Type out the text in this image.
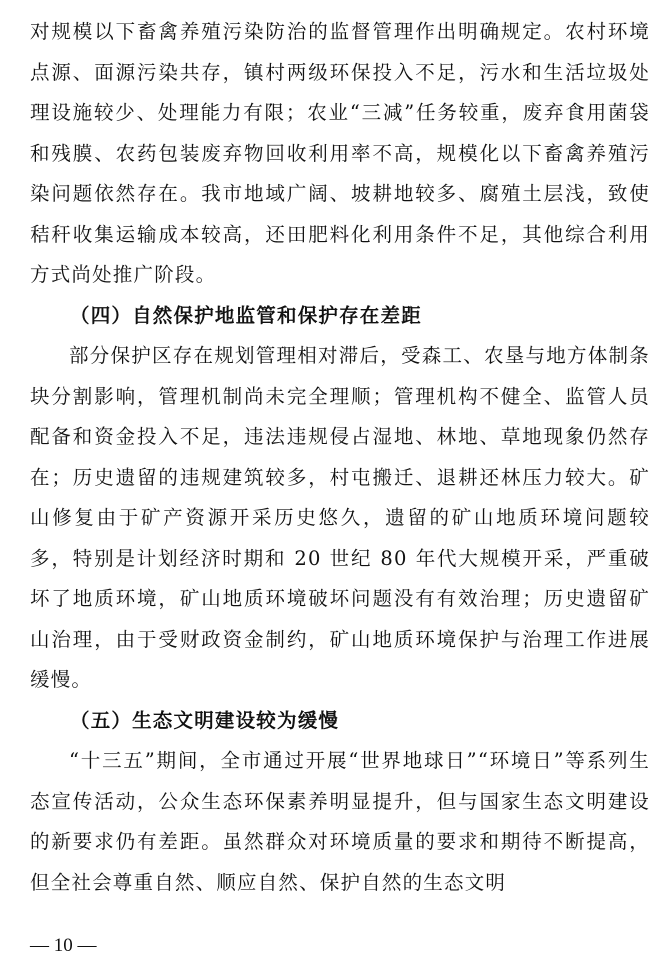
对规模以下畜禽养殖污染防治的监督管理作出明确规定。农村环境点源、面源污染共存，镇村两级环保投入不足，污水和生活垃圾处理设施较少、处理能力有限；农业“三减”任务较重，废弃食用菌袋和残膜、农药包装废弃物回收利用率不高，规模化以下畜禽养殖污染问题依然存在。我市地域广阔、坡耕地较多、腐殖土层浅，致使秸秆收集运输成本较高，还田肥料化利用条件不足，其他综合利用方式尚处推广阶段。

（四）自然保护地监管和保护存在差距

部分保护区存在规划管理相对滞后，受森工、农垦与地方体制条块分割影响，管理机制尚未完全理顺；管理机构不健全、监管人员配备和资金投入不足，违法违规侵占湿地、林地、草地现象仍然存在；历史遗留的违规建筑较多，村屯搬迁、退耕还林压力较大。矿山修复由于矿产资源开采历史悠久，遗留的矿山地质环境问题较多，特别是计划经济时期和 20 世纪 80 年代大规模开采，严重破坏了地质环境，矿山地质环境破坏问题没有有效治理；历史遗留矿山治理，由于受财政资金制约，矿山地质环境保护与治理工作进展缓慢。

（五）生态文明建设较为缓慢

“十三五”期间，全市通过开展“世界地球日”“环境日”等系列生态宣传活动，公众生态环保素养明显提升，但与国家生态文明建设的新要求仍有差距。虽然群众对环境质量的要求和期待不断提高，但全社会尊重自然、顺应自然、保护自然的生态文明

— 10 —
